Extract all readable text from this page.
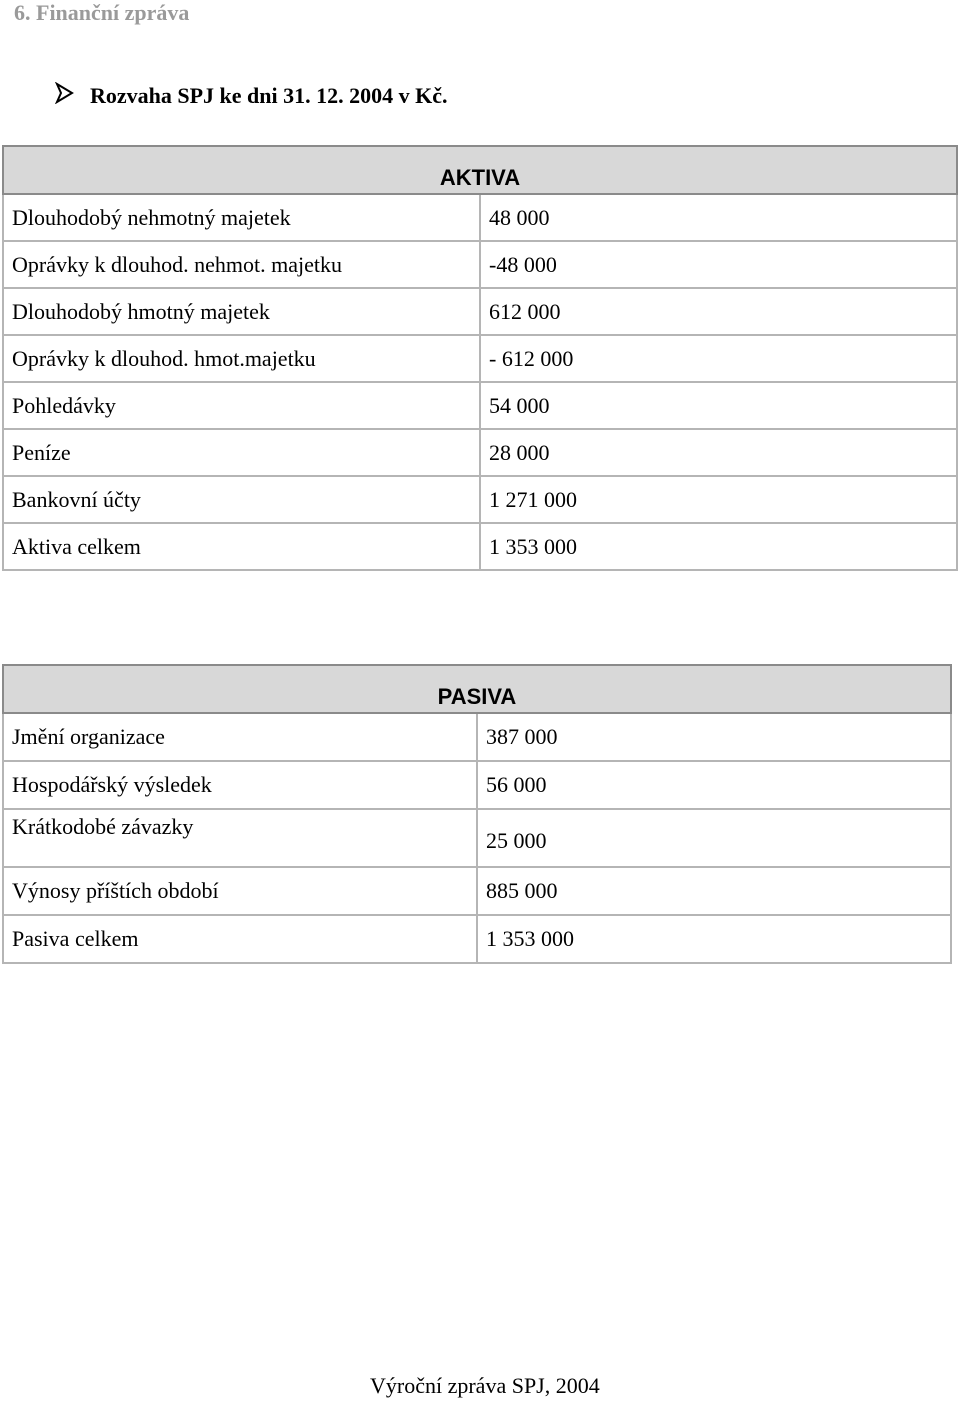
6. Finanční zpráva
Rozvaha SPJ ke dni 31. 12. 2004 v Kč.
AKTIVA	
Dlouhodobý nehmotný majetek	48 000
Oprávky k dlouhod. nehmot. majetku	-48 000
Dlouhodobý hmotný majetek	612 000
Oprávky k dlouhod. hmot.majetku	- 612 000
Pohledávky	54 000
Peníze	28 000
Bankovní účty	1 271 000
Aktiva celkem	1 353 000
PASIVA	
Jmění organizace	387 000
Hospodářský výsledek	56 000
Krátkodobé závazky	25 000
Výnosy příštích období	885 000
Pasiva celkem	1 353 000
Výroční zpráva SPJ, 2004
